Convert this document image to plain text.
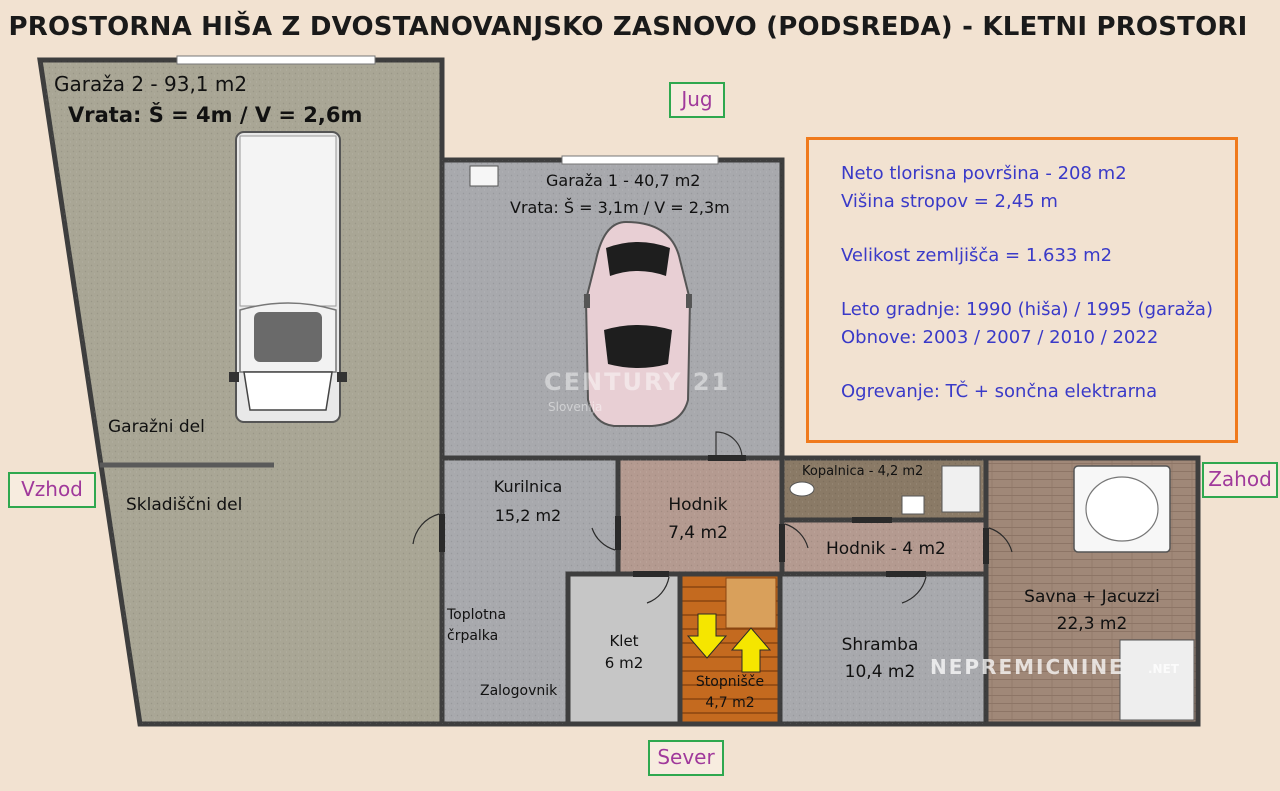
PROSTORNA HIŠA Z DVOSTANOVANJSKO ZASNOVO (PODSREDA) - KLETNI PROSTORI
Garaža 2 - 93,1 m2
Vrata: Š = 4m / V = 2,6m
Garažni del
Skladiščni del
Garaža 1 - 40,7 m2
Vrata: Š = 3,1m / V = 2,3m
Kurilnica
15,2 m2
Toplotna
črpalka
Zalogovnik
Hodnik
7,4 m2
Kopalnica - 4,2 m2
Hodnik - 4 m2
Savna + Jacuzzi
22,3 m2
Klet
6 m2
Stopnišče
4,7 m2
Shramba
10,4 m2
CENTURY 21
Slovenija
NEPREMICNINE .NET
Jug
Vzhod	Zahod
Sever
Neto tlorisna površina - 208 m2
Višina stropov = 2,45 m
Velikost zemljišča = 1.633 m2
Leto gradnje: 1990 (hiša) / 1995 (garaža)
Obnove: 2003 / 2007 / 2010 / 2022
Ogrevanje: TČ + sončna elektrarna
